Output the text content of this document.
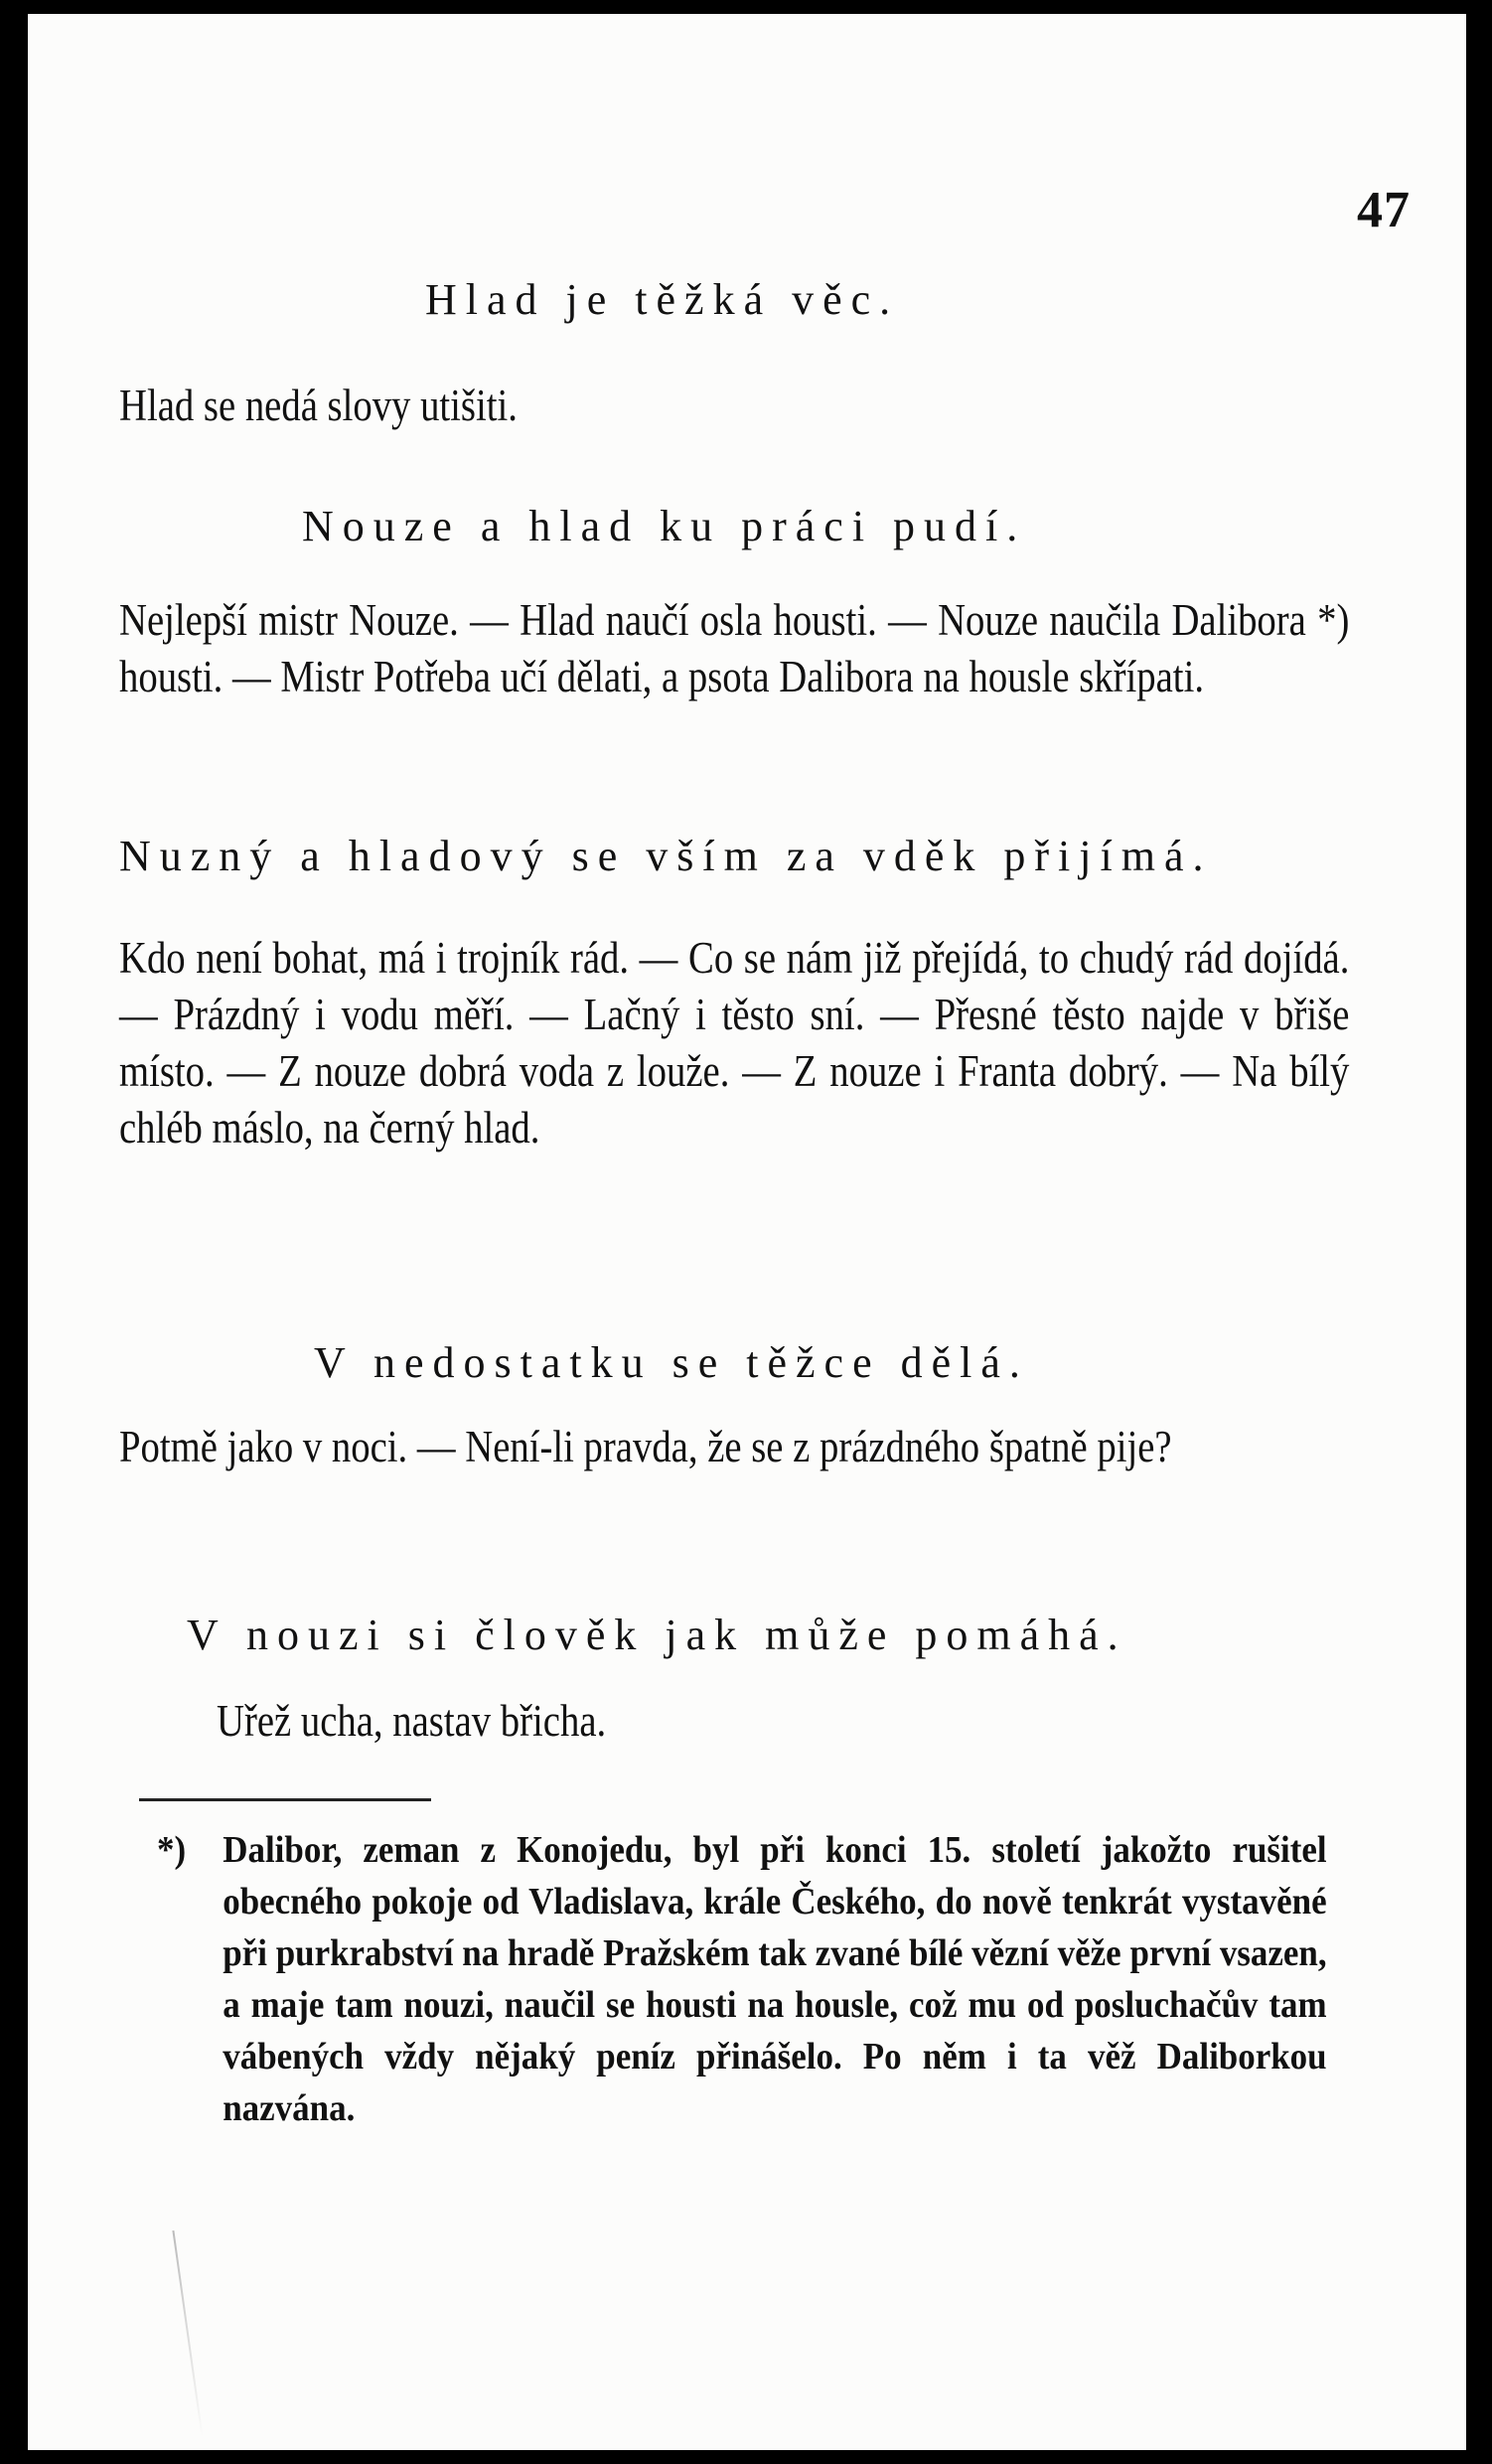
47
Hlad je těžká věc.
Hlad se nedá slovy utišiti.
Nouze a hlad ku práci pudí.
Nejlepší mistr Nouze. — Hlad naučí osla housti. — Nouze naučila Dalibora *) housti. — Mistr Potřeba učí dělati, a psota Dalibora na housle skřípati.
Nuzný a hladový se vším za vděk přijímá.
Kdo není bohat, má i trojník rád. — Co se nám již přejídá, to chudý rád dojídá. — Prázdný i vodu měří. — Lačný i těsto sní. — Přesné těsto najde v břiše místo. — Z nouze dobrá voda z louže. — Z nouze i Franta dobrý. — Na bílý chléb máslo, na černý hlad.
V nedostatku se těžce dělá.
Potmě jako v noci. — Není-li pravda, že se z prázdného špatně pije?
V nouzi si člověk jak může pomáhá.
Uřež ucha, nastav břicha.
*) Dalibor, zeman z Konojedu, byl při konci 15. století jakožto rušitel obecného pokoje od Vladislava, krále Českého, do nově tenkrát vystavěné při purkrabství na hradě Pražském tak zvané bílé vězní věže první vsazen, a maje tam nouzi, naučil se housti na housle, což mu od posluchačův tam vábených vždy nějaký peníz přinášelo. Po něm i ta věž Daliborkou nazvána.
